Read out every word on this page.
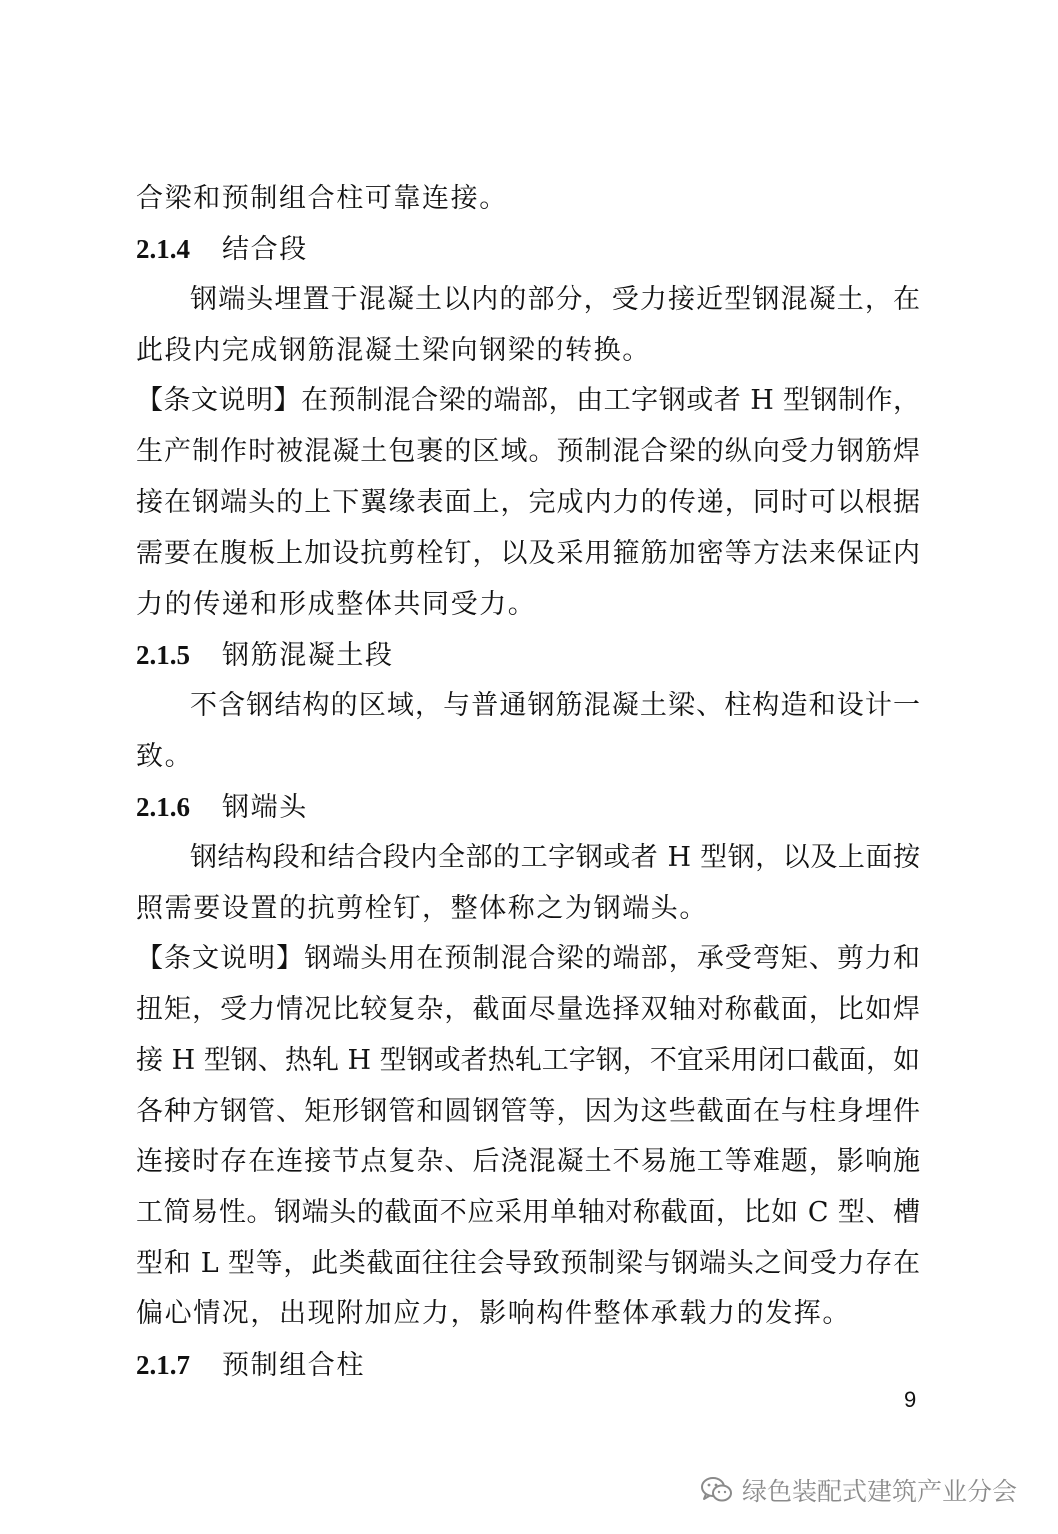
合梁和预制组合柱可靠连接。
2.1.4 结合段
钢端头埋置于混凝土以内的部分，受力接近型钢混凝土，在
此段内完成钢筋混凝土梁向钢梁的转换。
【条文说明】在预制混合梁的端部，由工字钢或者 H 型钢制作，
生产制作时被混凝土包裹的区域。预制混合梁的纵向受力钢筋焊
接在钢端头的上下翼缘表面上，完成内力的传递，同时可以根据
需要在腹板上加设抗剪栓钉，以及采用箍筋加密等方法来保证内
力的传递和形成整体共同受力。
2.1.5 钢筋混凝土段
不含钢结构的区域，与普通钢筋混凝土梁、柱构造和设计一
致。
2.1.6 钢端头
钢结构段和结合段内全部的工字钢或者 H 型钢，以及上面按
照需要设置的抗剪栓钉，整体称之为钢端头。
【条文说明】钢端头用在预制混合梁的端部，承受弯矩、剪力和
扭矩，受力情况比较复杂，截面尽量选择双轴对称截面，比如焊
接 H 型钢、热轧 H 型钢或者热轧工字钢，不宜采用闭口截面，如
各种方钢管、矩形钢管和圆钢管等，因为这些截面在与柱身埋件
连接时存在连接节点复杂、后浇混凝土不易施工等难题，影响施
工简易性。钢端头的截面不应采用单轴对称截面，比如 C 型、槽
型和 L 型等，此类截面往往会导致预制梁与钢端头之间受力存在
偏心情况，出现附加应力，影响构件整体承载力的发挥。
2.1.7 预制组合柱
9
绿色装配式建筑产业分会
